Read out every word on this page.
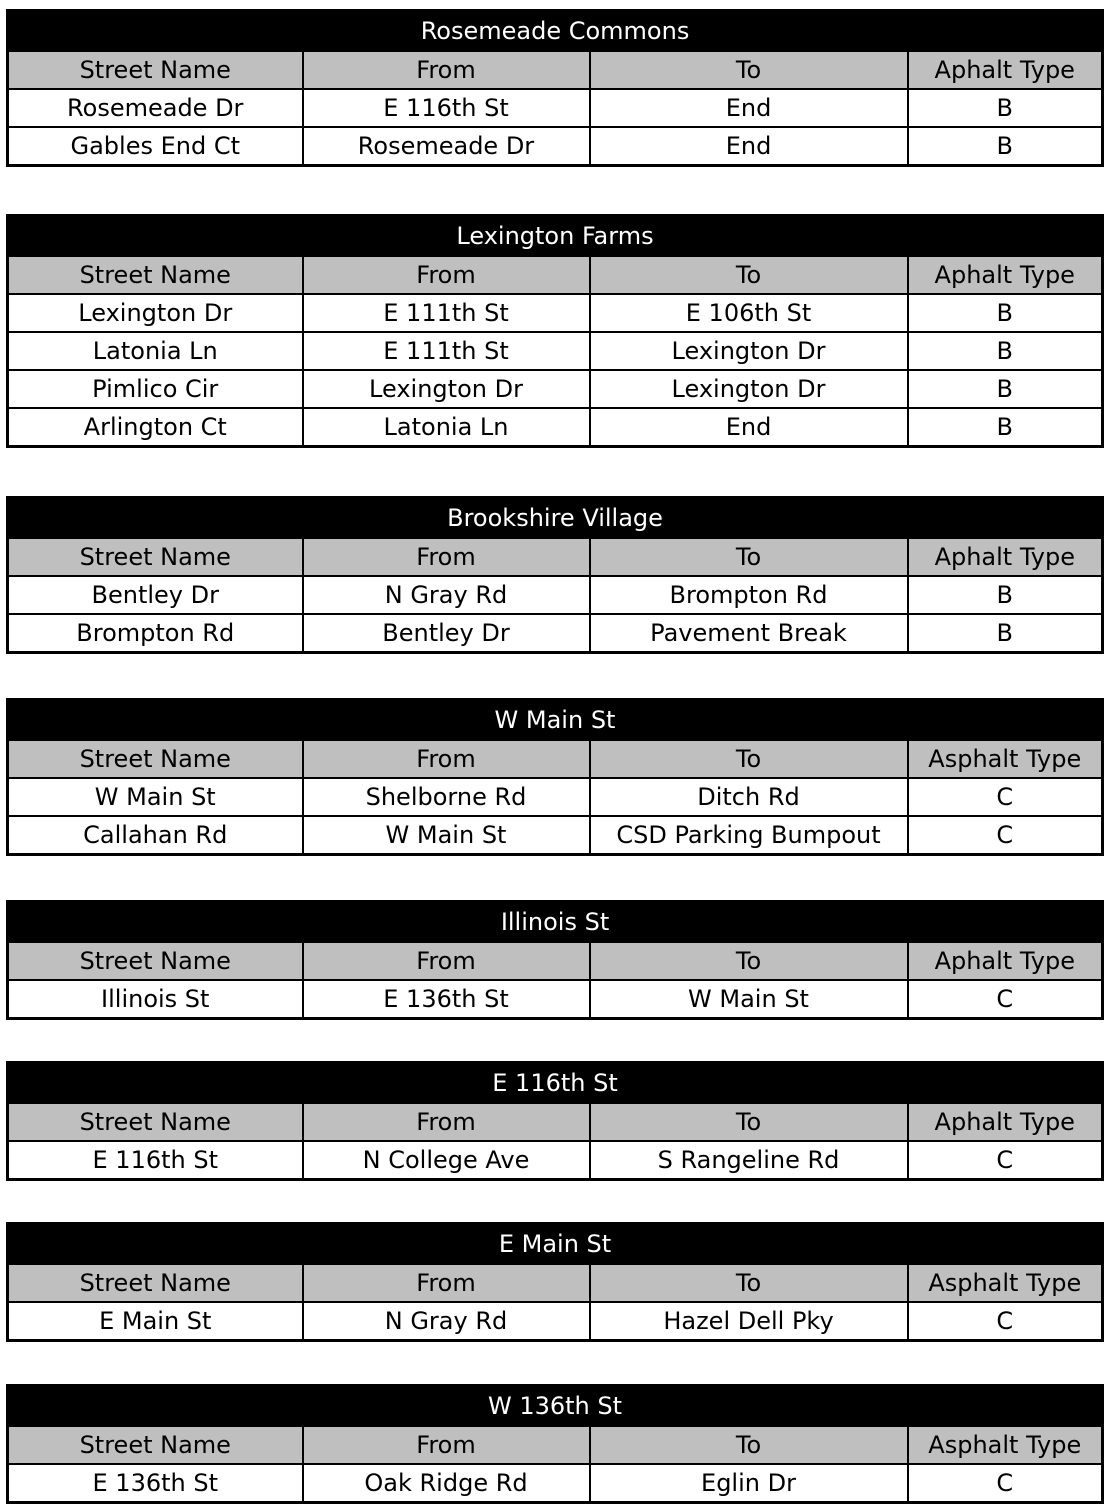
Rosemeade Commons			
Street Name	From	To	Aphalt Type
Rosemeade Dr	E 116th St	End	B
Gables End Ct	Rosemeade Dr	End	B
Lexington Farms			
Street Name	From	To	Aphalt Type
Lexington Dr	E 111th St	E 106th St	B
Latonia Ln	E 111th St	Lexington Dr	B
Pimlico Cir	Lexington Dr	Lexington Dr	B
Arlington Ct	Latonia Ln	End	B
Brookshire Village			
Street Name	From	To	Aphalt Type
Bentley Dr	N Gray Rd	Brompton Rd	B
Brompton Rd	Bentley Dr	Pavement Break	B
W Main St			
Street Name	From	To	Asphalt Type
W Main St	Shelborne Rd	Ditch Rd	C
Callahan Rd	W Main St	CSD Parking Bumpout	C
Illinois St			
Street Name	From	To	Aphalt Type
Illinois St	E 136th St	W Main St	C
E 116th St			
Street Name	From	To	Aphalt Type
E 116th St	N College Ave	S Rangeline Rd	C
E Main St			
Street Name	From	To	Asphalt Type
E Main St	N Gray Rd	Hazel Dell Pky	C
W 136th St			
Street Name	From	To	Asphalt Type
E 136th St	Oak Ridge Rd	Eglin Dr	C
